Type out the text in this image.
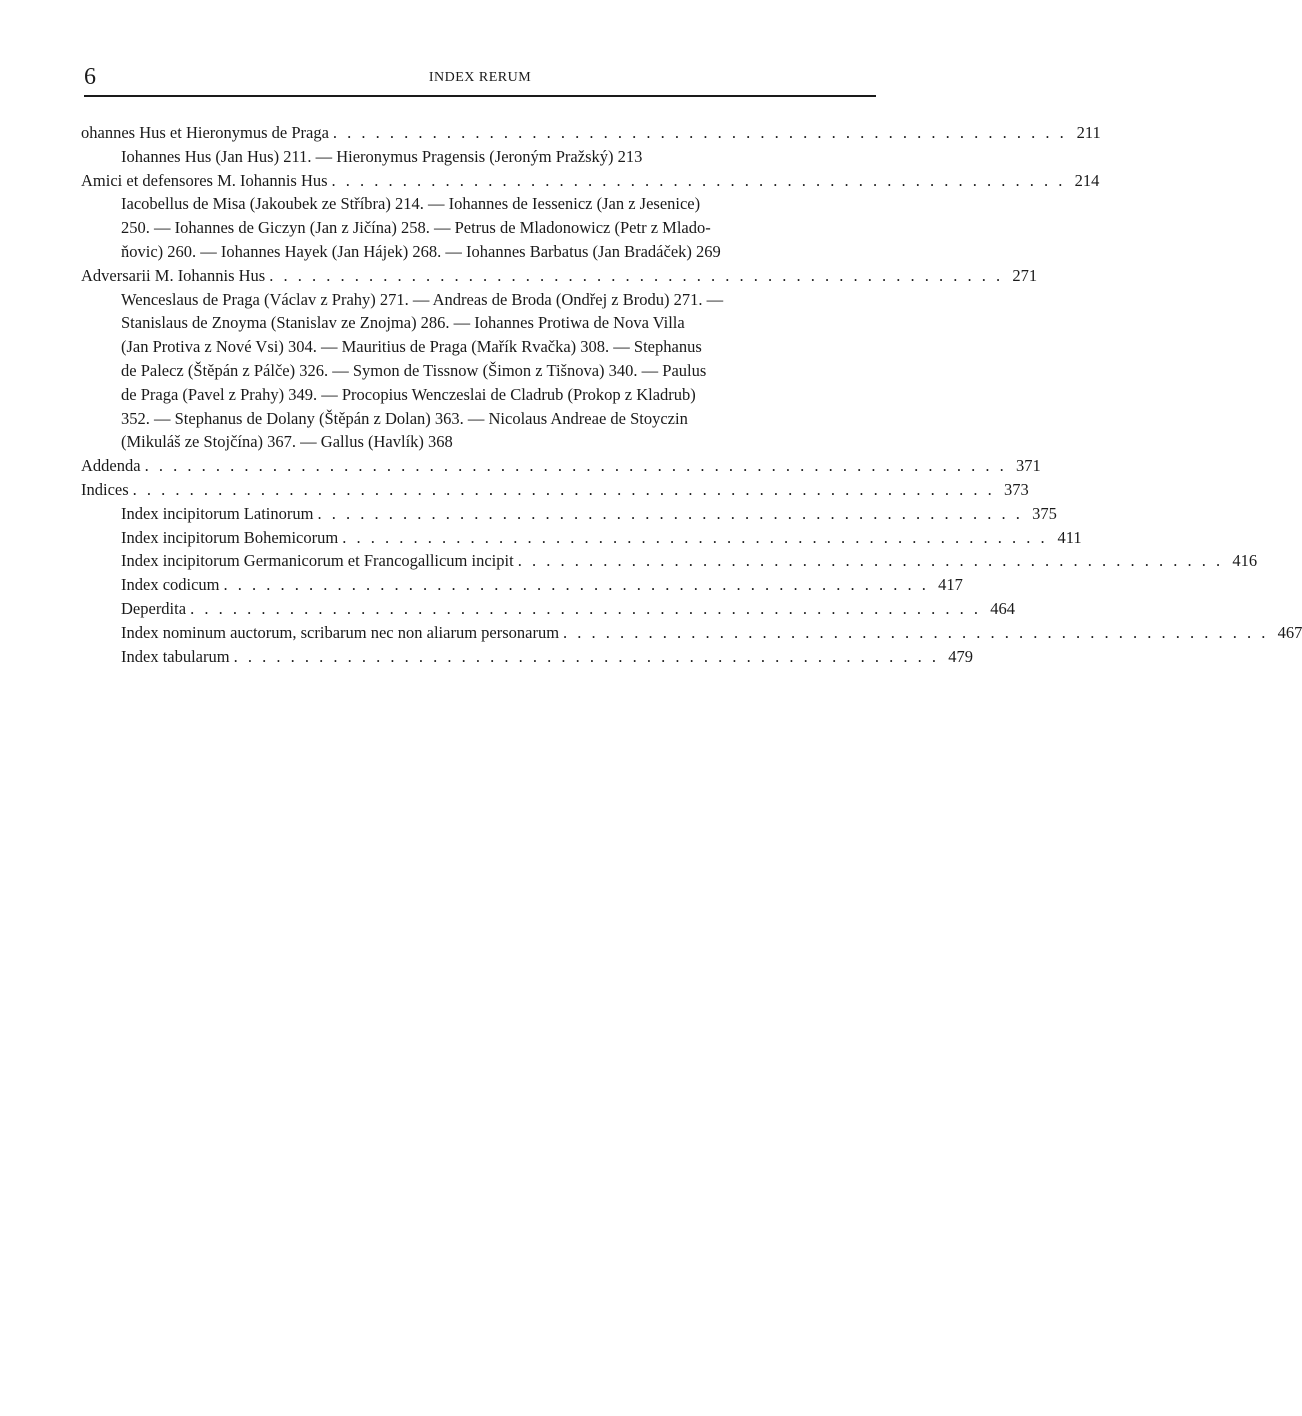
6	INDEX RERUM
ohannes Hus et Hieronymus de Praga . . . . . . . . . . . . . . . . . . . . . . . . . . . . . . . . . . . . . . . . . . . . . . . . . . . . 211
Iohannes Hus (Jan Hus) 211. — Hieronymus Pragensis (Jeroným Pražský) 213
Amici et defensores M. Iohannis Hus . . . . . . . . . . . . . . . . . . . . . . . . . . . . . . . . . . . . . . . . . . . . . . . . . . . . 214
Iacobellus de Misa (Jakoubek ze Stříbra) 214. — Iohannes de Iessenicz (Jan z Jesenice)
250. — Iohannes de Giczyn (Jan z Jičína) 258. — Petrus de Mladonowicz (Petr z Mlado-
ňovic) 260. — Iohannes Hayek (Jan Hájek) 268. — Iohannes Barbatus (Jan Bradáček) 269
Adversarii M. Iohannis Hus . . . . . . . . . . . . . . . . . . . . . . . . . . . . . . . . . . . . . . . . . . . . . . . . . . . . 271
Wenceslaus de Praga (Václav z Prahy) 271. — Andreas de Broda (Ondřej z Brodu) 271. —
Stanislaus de Znoyma (Stanislav ze Znojma) 286. — Iohannes Protiwa de Nova Villa
(Jan Protiva z Nové Vsi) 304. — Mauritius de Praga (Mařík Rvačka) 308. — Stephanus
de Palecz (Štěpán z Pálče) 326. — Symon de Tissnow (Šimon z Tišnova) 340. — Paulus
de Praga (Pavel z Prahy) 349. — Procopius Wenczeslai de Cladrub (Prokop z Kladrub)
352. — Stephanus de Dolany (Štěpán z Dolan) 363. — Nicolaus Andreae de Stoyczin
(Mikuláš ze Stojčína) 367. — Gallus (Havlík) 368
Addenda . . . . . . . . . . . . . . . . . . . . . . . . . . . . . . . . . . . . . . . . . . . . . . . . . . . . . . . . . . . . . 371
Indices . . . . . . . . . . . . . . . . . . . . . . . . . . . . . . . . . . . . . . . . . . . . . . . . . . . . . . . . . . . . . 373
Index incipitorum Latinorum . . . . . . . . . . . . . . . . . . . . . . . . . . . . . . . . . . . . . . . . . . . . . . . . . . 375
Index incipitorum Bohemicorum . . . . . . . . . . . . . . . . . . . . . . . . . . . . . . . . . . . . . . . . . . . . . . . . . . 411
Index incipitorum Germanicorum et Francogallicum incipit . . . . . . . . . . . . . . . . . . . . . . . . . . . . . . . . . . . . . . . . . . . . . . . . . . 416
Index codicum . . . . . . . . . . . . . . . . . . . . . . . . . . . . . . . . . . . . . . . . . . . . . . . . . . 417
Deperdita . . . . . . . . . . . . . . . . . . . . . . . . . . . . . . . . . . . . . . . . . . . . . . . . . . . . . . . . 464
Index nominum auctorum, scribarum nec non aliarum personarum . . . . . . . . . . . . . . . . . . . . . . . . . . . . . . . . . . . . . . . . . . . . . . . . . . 467
Index tabularum . . . . . . . . . . . . . . . . . . . . . . . . . . . . . . . . . . . . . . . . . . . . . . . . . . 479
